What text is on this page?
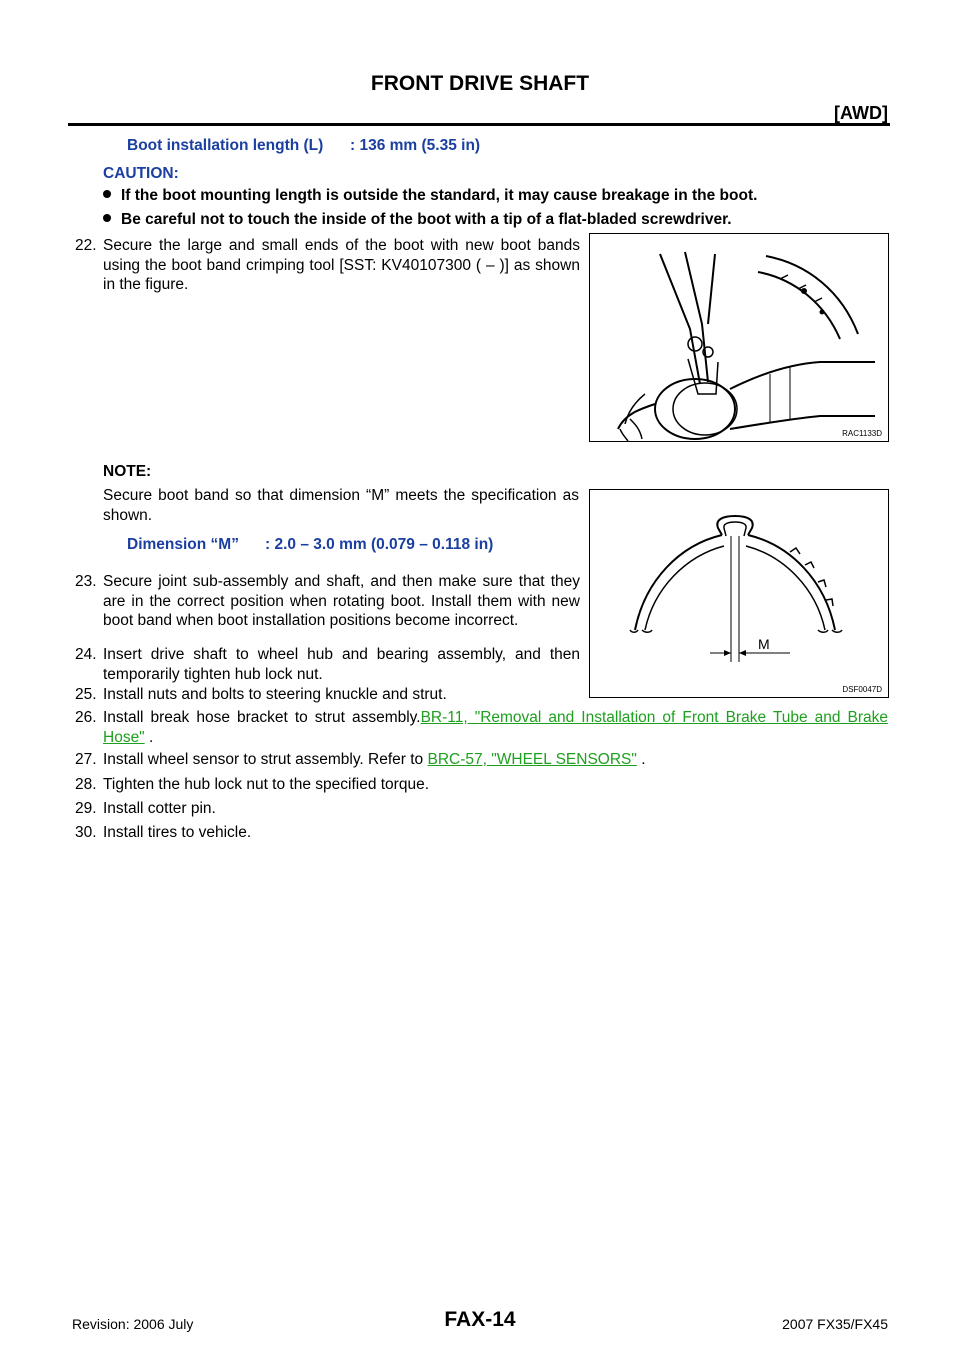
FRONT DRIVE SHAFT
[AWD]
Boot installation length (L) : 136 mm (5.35 in)
CAUTION:
If the boot mounting length is outside the standard, it may cause breakage in the boot.
Be careful not to touch the inside of the boot with a tip of a flat-bladed screwdriver.
22. Secure the large and small ends of the boot with new boot bands using the boot band crimping tool [SST: KV40107300 ( – )] as shown in the figure.
RAC1133D
NOTE:
Secure boot band so that dimension “M” meets the specification as shown.
Dimension “M” : 2.0 – 3.0 mm (0.079 – 0.118 in)
M
DSF0047D
23. Secure joint sub-assembly and shaft, and then make sure that they are in the correct position when rotating boot. Install them with new boot band when boot installation positions become incorrect.
24. Insert drive shaft to wheel hub and bearing assembly, and then temporarily tighten hub lock nut.
25. Install nuts and bolts to steering knuckle and strut.
26. Install break hose bracket to strut assembly.BR-11, "Removal and Installation of Front Brake Tube and Brake Hose" .
27. Install wheel sensor to strut assembly. Refer to BRC-57, "WHEEL SENSORS" .
28. Tighten the hub lock nut to the specified torque.
29. Install cotter pin.
30. Install tires to vehicle.
FAX-14
Revision: 2006 July	2007 FX35/FX45
